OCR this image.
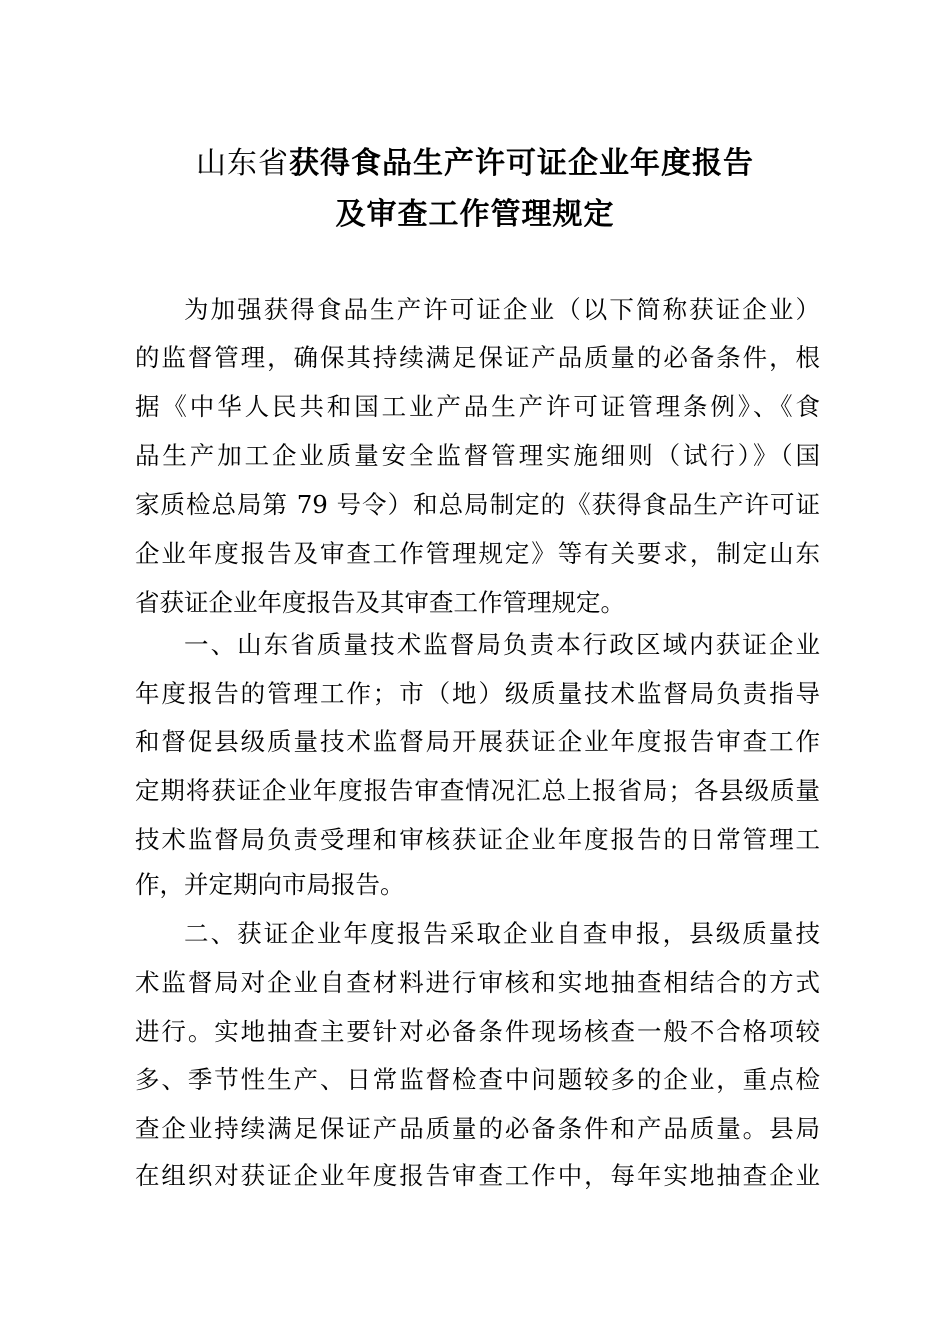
山东省获得食品生产许可证企业年度报告
及审查工作管理规定
为加强获得食品生产许可证企业（以下简称获证企业）
的监督管理，确保其持续满足保证产品质量的必备条件，根
据《中华人民共和国工业产品生产许可证管理条例》、《食
品生产加工企业质量安全监督管理实施细则（试行）》（国
家质检总局第 79 号令）和总局制定的《获得食品生产许可证
企业年度报告及审查工作管理规定》等有关要求，制定山东
省获证企业年度报告及其审查工作管理规定。
一、山东省质量技术监督局负责本行政区域内获证企业
年度报告的管理工作；市（地）级质量技术监督局负责指导
和督促县级质量技术监督局开展获证企业年度报告审查工作
定期将获证企业年度报告审查情况汇总上报省局；各县级质量
技术监督局负责受理和审核获证企业年度报告的日常管理工
作，并定期向市局报告。
二、获证企业年度报告采取企业自查申报，县级质量技
术监督局对企业自查材料进行审核和实地抽查相结合的方式
进行。实地抽查主要针对必备条件现场核查一般不合格项较
多、季节性生产、日常监督检查中问题较多的企业，重点检
查企业持续满足保证产品质量的必备条件和产品质量。县局
在组织对获证企业年度报告审查工作中，每年实地抽查企业
